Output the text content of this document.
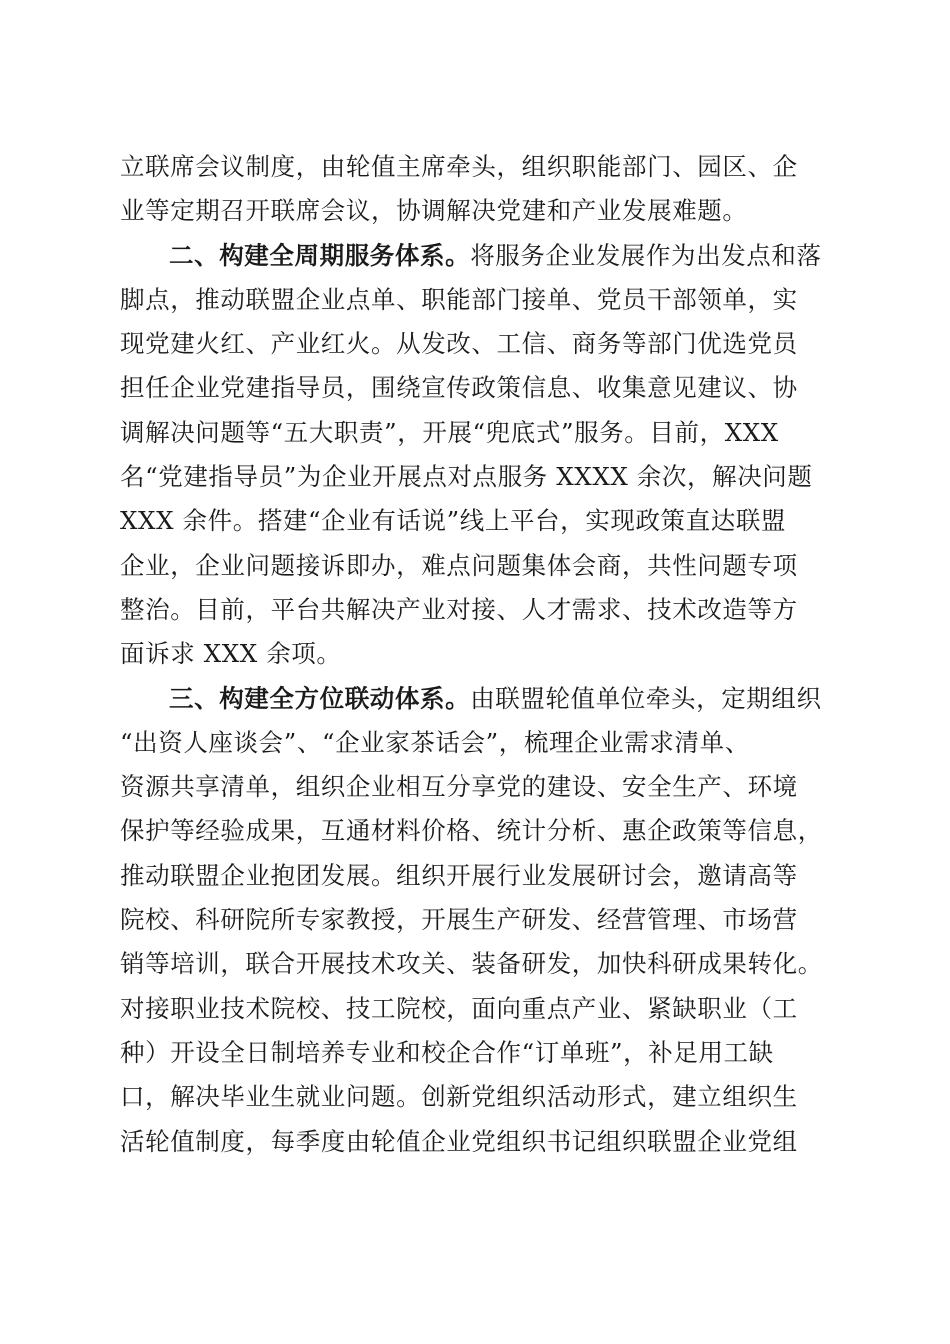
立联席会议制度，由轮值主席牵头，组织职能部门、园区、企
业等定期召开联席会议，协调解决党建和产业发展难题。
二、构建全周期服务体系。将服务企业发展作为出发点和落
脚点，推动联盟企业点单、职能部门接单、党员干部领单，实
现党建火红、产业红火。从发改、工信、商务等部门优选党员
担任企业党建指导员，围绕宣传政策信息、收集意见建议、协
调解决问题等“五大职责”，开展“兜底式”服务。目前，XXX
名“党建指导员”为企业开展点对点服务 XXXX 余次，解决问题
XXX 余件。搭建“企业有话说”线上平台，实现政策直达联盟
企业，企业问题接诉即办，难点问题集体会商，共性问题专项
整治。目前，平台共解决产业对接、人才需求、技术改造等方
面诉求 XXX 余项。
三、构建全方位联动体系。由联盟轮值单位牵头，定期组织
“出资人座谈会”、“企业家茶话会”，梳理企业需求清单、
资源共享清单，组织企业相互分享党的建设、安全生产、环境
保护等经验成果，互通材料价格、统计分析、惠企政策等信息，
推动联盟企业抱团发展。组织开展行业发展研讨会，邀请高等
院校、科研院所专家教授，开展生产研发、经营管理、市场营
销等培训，联合开展技术攻关、装备研发，加快科研成果转化。
对接职业技术院校、技工院校，面向重点产业、紧缺职业（工
种）开设全日制培养专业和校企合作“订单班”，补足用工缺
口，解决毕业生就业问题。创新党组织活动形式，建立组织生
活轮值制度，每季度由轮值企业党组织书记组织联盟企业党组
